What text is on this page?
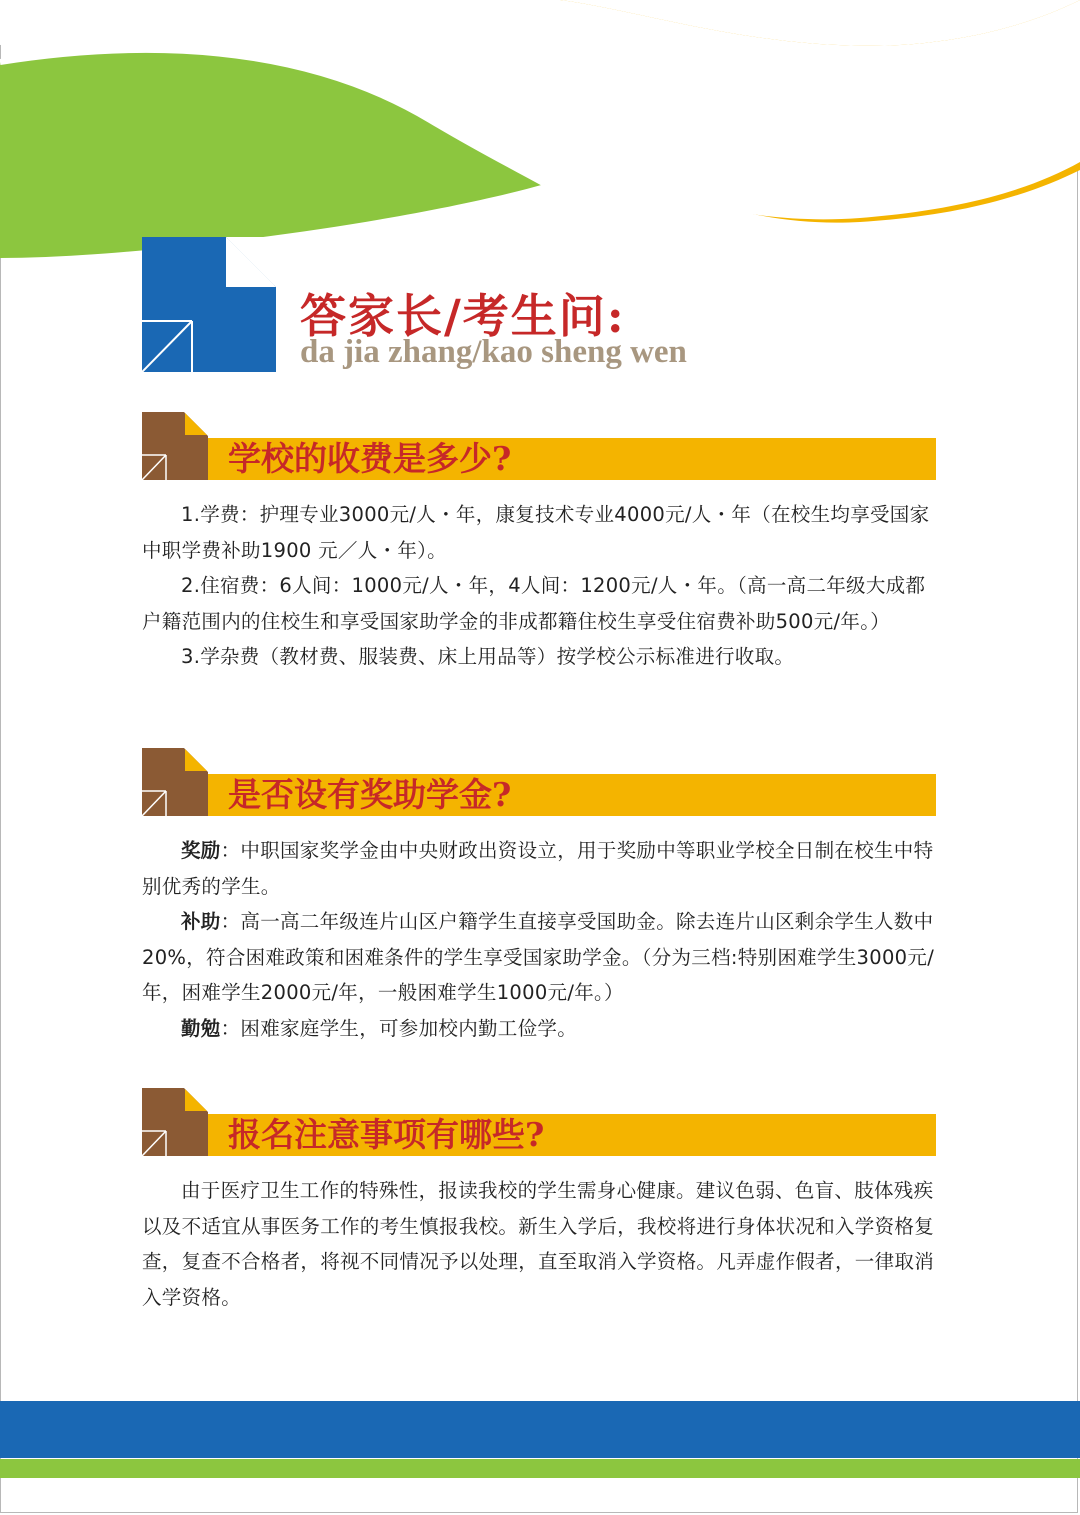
答家长/考生问:
da jia zhang/kao sheng wen
学校的收费是多少?

1.学费：护理专业3000元/人・年，康复技术专业4000元/人・年（在校生均享受国家中职学费补助1900 元／人・年）。

2.住宿费：6人间：1000元/人・年，4人间：1200元/人・年。（高一高二年级大成都户籍范围内的住校生和享受国家助学金的非成都籍住校生享受住宿费补助500元/年。）

3.学杂费（教材费、服装费、床上用品等）按学校公示标准进行收取。

是否设有奖助学金?

奖励：中职国家奖学金由中央财政出资设立，用于奖励中等职业学校全日制在校生中特别优秀的学生。

补助：高一高二年级连片山区户籍学生直接享受国助金。除去连片山区剩余学生人数中20%，符合困难政策和困难条件的学生享受国家助学金。（分为三档:特别困难学生3000元/年，困难学生2000元/年，一般困难学生1000元/年。）

勤勉：困难家庭学生，可参加校内勤工俭学。

报名注意事项有哪些?

由于医疗卫生工作的特殊性，报读我校的学生需身心健康。建议色弱、色盲、肢体残疾以及不适宜从事医务工作的考生慎报我校。新生入学后，我校将进行身体状况和入学资格复查，复查不合格者，将视不同情况予以处理，直至取消入学资格。凡弄虚作假者，一律取消入学资格。
